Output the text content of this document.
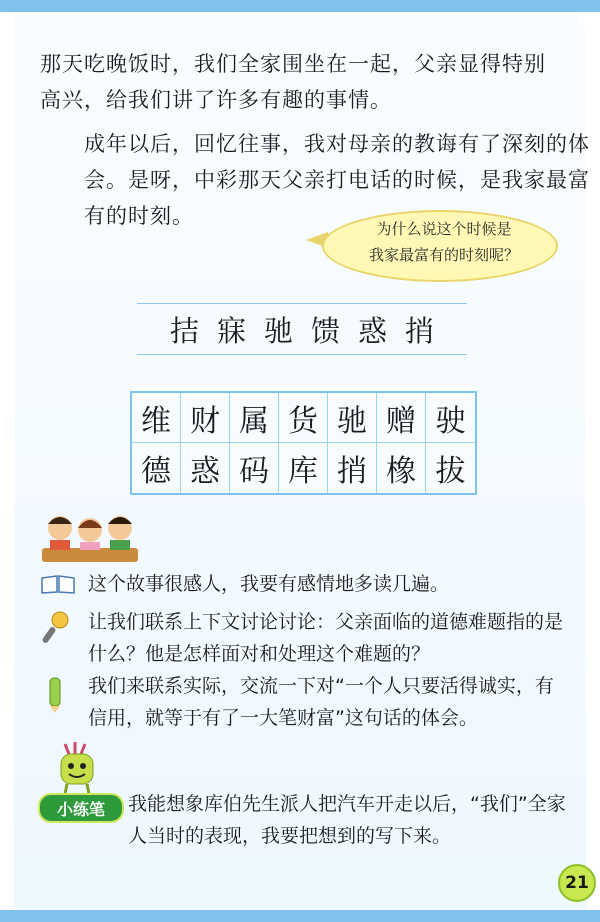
那天吃晚饭时，我们全家围坐在一起，父亲显得特别高兴，给我们讲了许多有趣的事情。
成年以后，回忆往事，我对母亲的教诲有了深刻的体会。是呀，中彩那天父亲打电话的时候，是我家最富有的时刻。
为什么说这个时候是
我家最富有的时刻呢？
拮 寐 驰 馈 惑 捎
维 财 属 货 驰 赠 驶
德 惑 码 库 捎 橡 拔
这个故事很感人，我要有感情地多读几遍。
让我们联系上下文讨论讨论：父亲面临的道德难题指的是什么？他是怎样面对和处理这个难题的？
我们来联系实际，交流一下对“一个人只要活得诚实，有信用，就等于有了一大笔财富”这句话的体会。
小练笔	我能想象库伯先生派人把汽车开走以后，“我们”全家人当时的表现，我要把想到的写下来。
21
